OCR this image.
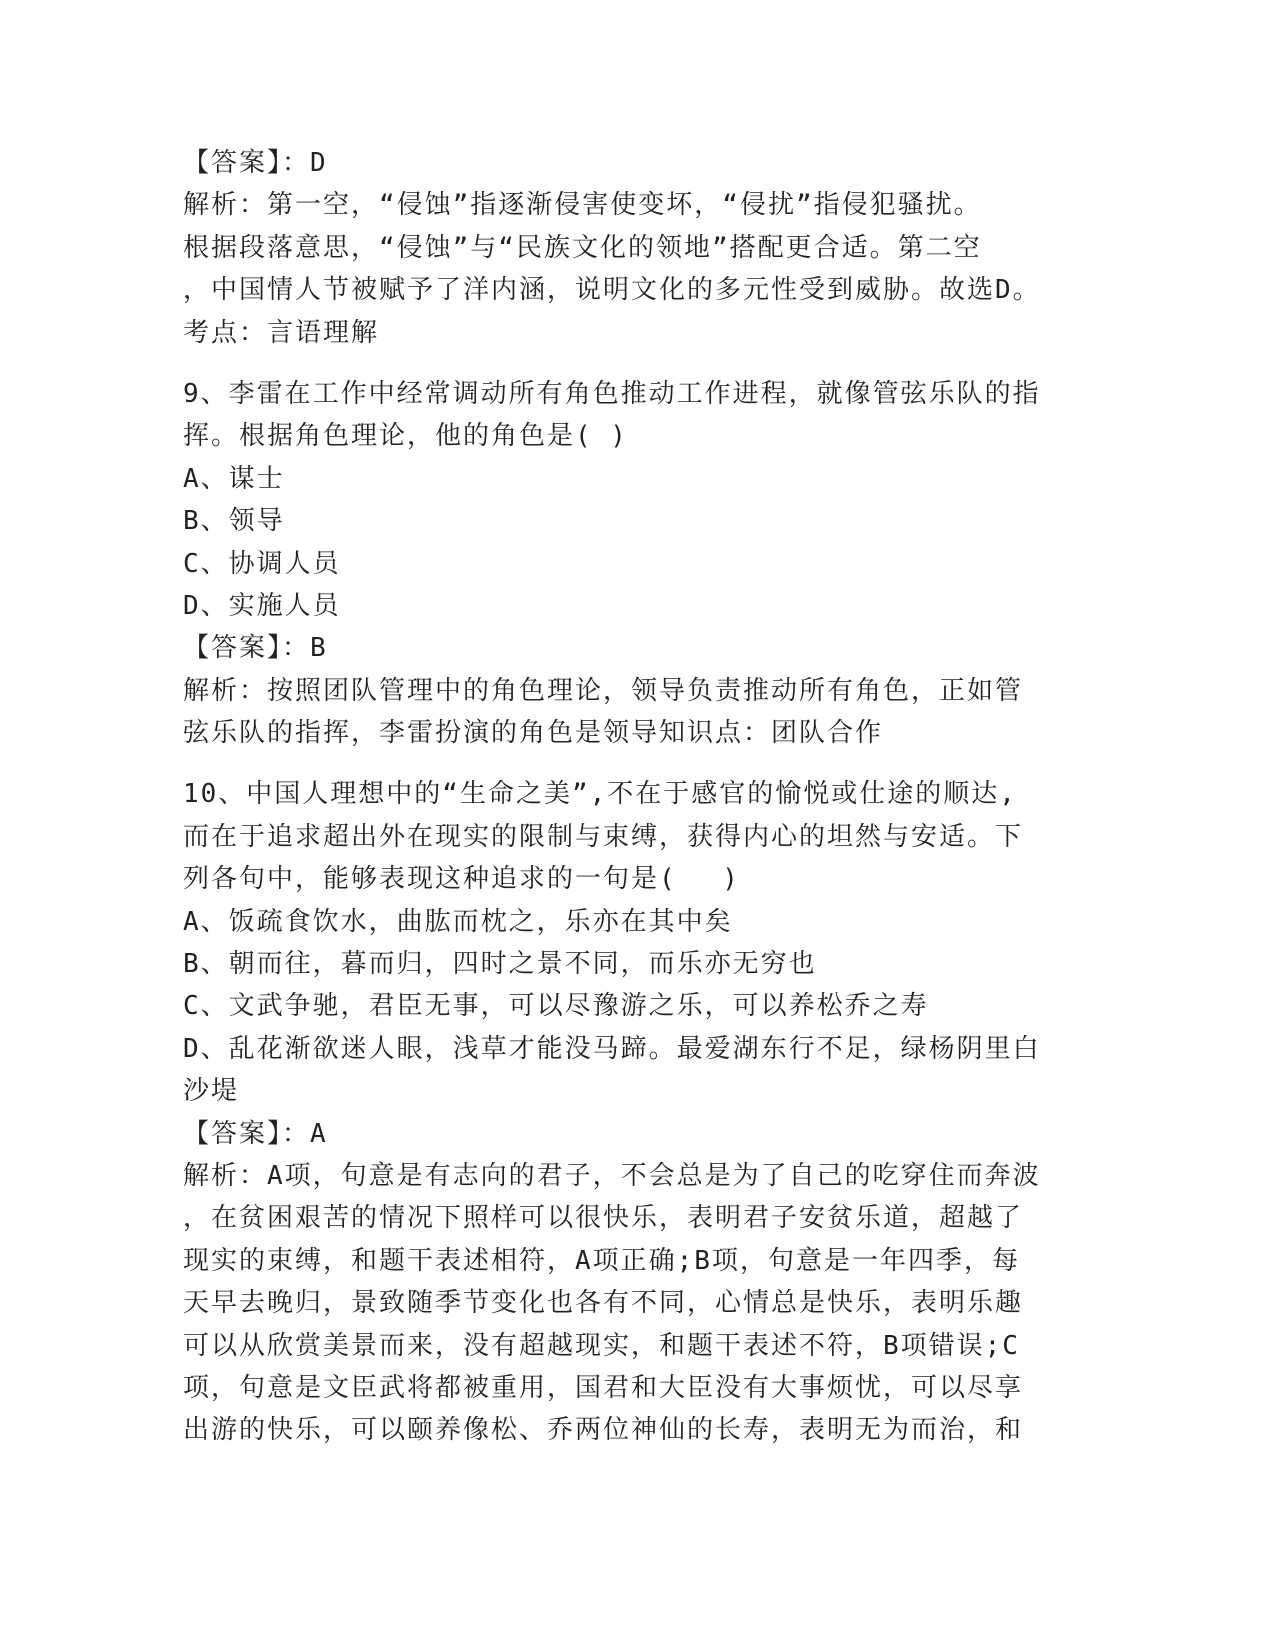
【答案】：D
解析：第一空，“侵蚀”指逐渐侵害使变坏，“侵扰”指侵犯骚扰。
根据段落意思，“侵蚀”与“民族文化的领地”搭配更合适。第二空
，中国情人节被赋予了洋内涵，说明文化的多元性受到威胁。故选D。
考点：言语理解
9、李雷在工作中经常调动所有角色推动工作进程，就像管弦乐队的指
挥。根据角色理论，他的角色是( )
A、谋士
B、领导
C、协调人员
D、实施人员
【答案】：B
解析：按照团队管理中的角色理论，领导负责推动所有角色，正如管
弦乐队的指挥，李雷扮演的角色是领导知识点：团队合作
10、中国人理想中的“生命之美”,不在于感官的愉悦或仕途的顺达,
而在于追求超出外在现实的限制与束缚，获得内心的坦然与安适。下
列各句中，能够表现这种追求的一句是(　 )
A、饭疏食饮水，曲肱而枕之，乐亦在其中矣
B、朝而往，暮而归，四时之景不同，而乐亦无穷也
C、文武争驰，君臣无事，可以尽豫游之乐，可以养松乔之寿
D、乱花渐欲迷人眼，浅草才能没马蹄。最爱湖东行不足，绿杨阴里白
沙堤
【答案】：A
解析：A项，句意是有志向的君子，不会总是为了自己的吃穿住而奔波
，在贫困艰苦的情况下照样可以很快乐，表明君子安贫乐道，超越了
现实的束缚，和题干表述相符，A项正确;B项，句意是一年四季，每
天早去晚归，景致随季节变化也各有不同，心情总是快乐，表明乐趣
可以从欣赏美景而来，没有超越现实，和题干表述不符，B项错误;C
项，句意是文臣武将都被重用，国君和大臣没有大事烦忧，可以尽享
出游的快乐，可以颐养像松、乔两位神仙的长寿，表明无为而治，和
